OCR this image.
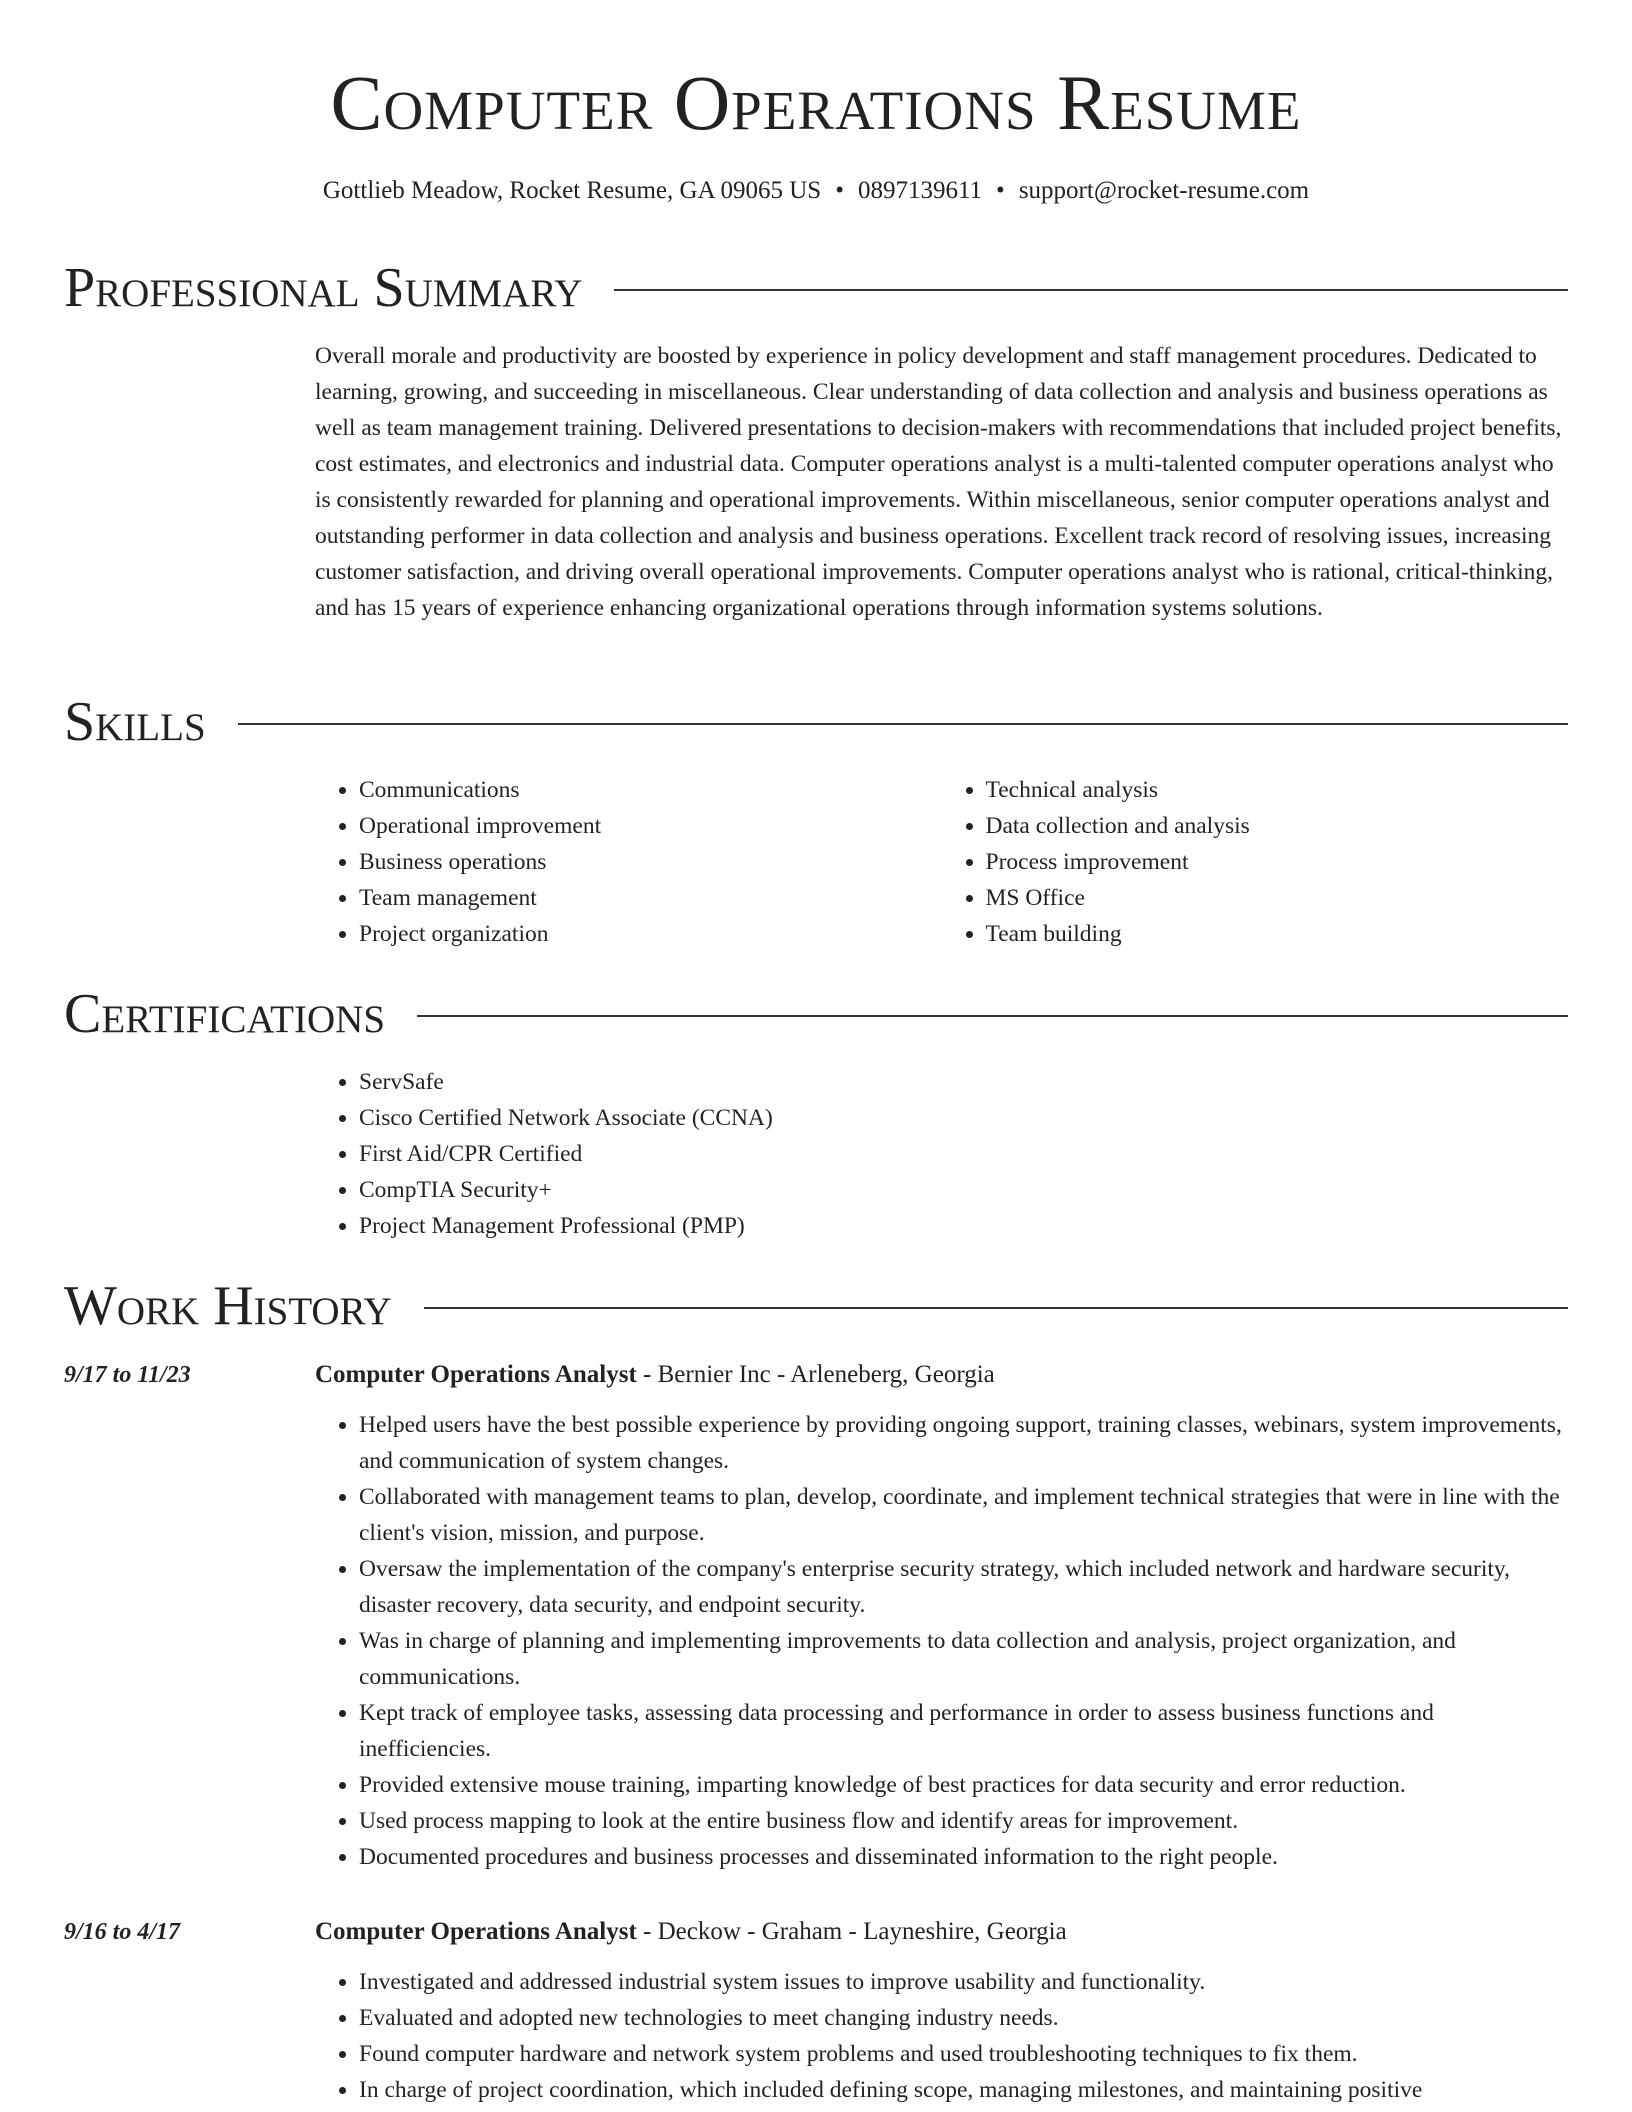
Computer Operations Resume
Gottlieb Meadow, Rocket Resume, GA 09065 US • 0897139611 • support@rocket-resume.com
Professional Summary
Overall morale and productivity are boosted by experience in policy development and staff management procedures. Dedicated to learning, growing, and succeeding in miscellaneous. Clear understanding of data collection and analysis and business operations as well as team management training. Delivered presentations to decision-makers with recommendations that included project benefits, cost estimates, and electronics and industrial data. Computer operations analyst is a multi-talented computer operations analyst who is consistently rewarded for planning and operational improvements. Within miscellaneous, senior computer operations analyst and outstanding performer in data collection and analysis and business operations. Excellent track record of resolving issues, increasing customer satisfaction, and driving overall operational improvements. Computer operations analyst who is rational, critical-thinking, and has 15 years of experience enhancing organizational operations through information systems solutions.
Skills
• Communications
• Operational improvement
• Business operations
• Team management
• Project organization
• Technical analysis
• Data collection and analysis
• Process improvement
• MS Office
• Team building
Certifications
• ServSafe
• Cisco Certified Network Associate (CCNA)
• First Aid/CPR Certified
• CompTIA Security+
• Project Management Professional (PMP)
Work History
9/17 to 11/23	Computer Operations Analyst - Bernier Inc - Arleneberg, Georgia
• Helped users have the best possible experience by providing ongoing support, training classes, webinars, system improvements, and communication of system changes.
• Collaborated with management teams to plan, develop, coordinate, and implement technical strategies that were in line with the client's vision, mission, and purpose.
• Oversaw the implementation of the company's enterprise security strategy, which included network and hardware security, disaster recovery, data security, and endpoint security.
• Was in charge of planning and implementing improvements to data collection and analysis, project organization, and communications.
• Kept track of employee tasks, assessing data processing and performance in order to assess business functions and inefficiencies.
• Provided extensive mouse training, imparting knowledge of best practices for data security and error reduction.
• Used process mapping to look at the entire business flow and identify areas for improvement.
• Documented procedures and business processes and disseminated information to the right people.
9/16 to 4/17	Computer Operations Analyst - Deckow - Graham - Layneshire, Georgia
• Investigated and addressed industrial system issues to improve usability and functionality.
• Evaluated and adopted new technologies to meet changing industry needs.
• Found computer hardware and network system problems and used troubleshooting techniques to fix them.
• In charge of project coordination, which included defining scope, managing milestones, and maintaining positive
